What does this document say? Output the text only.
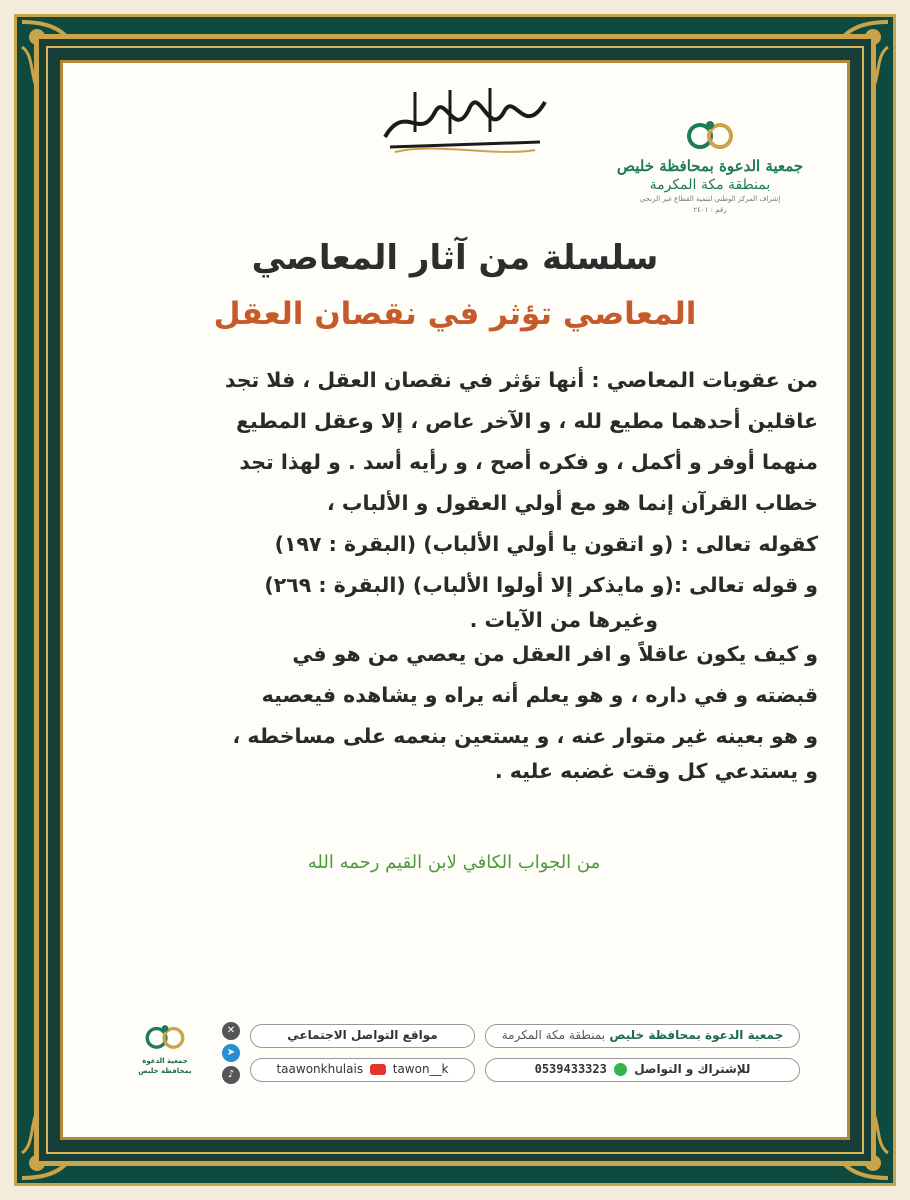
جمعية الدعوة بمحافظة خليص
بمنطقة مكة المكرمة
إشراف المركز الوطني لتنمية القطاع غير الربحي
رقم : ٢٤٠١
سلسلة من آثار المعاصي
المعاصي تؤثر في نقصان العقل

من عقوبات المعاصي : أنها تؤثر في نقصان العقل ، فلا تجد

عاقلين أحدهما مطيع لله ، و الآخر عاص ، إلا وعقل المطيع

منهما أوفر و أكمل ، و فكره أصح ، و رأيه أسد . و لهذا تجد

خطاب القرآن إنما هو مع أولي العقول و الألباب ،

كقوله تعالى : (و اتقون يا أولي الألباب) (البقرة : ١٩٧)

و قوله تعالى :(و مايذكر إلا أولوا الألباب) (البقرة : ٢٦٩)

وغيرها من الآيات .

و كيف يكون عاقلاً و افر العقل من يعصي من هو في

قبضته و في داره ، و هو يعلم أنه يراه و يشاهده فيعصيه

و هو بعينه غير متوار عنه ، و يستعين بنعمه على مساخطه ،

و يستدعي كل وقت غضبه عليه .

من الجواب الكافي لابن القيم رحمه الله
جمعية الدعوة بمحافظة خليص بمنطقة مكة المكرمة
للإشتراك و التواصل  0539433323
مواقع التواصل الاجتماعي
taawonkhulais tawon__k
✕
➤
♪
جمعية الدعوة بمحافظة خليص
